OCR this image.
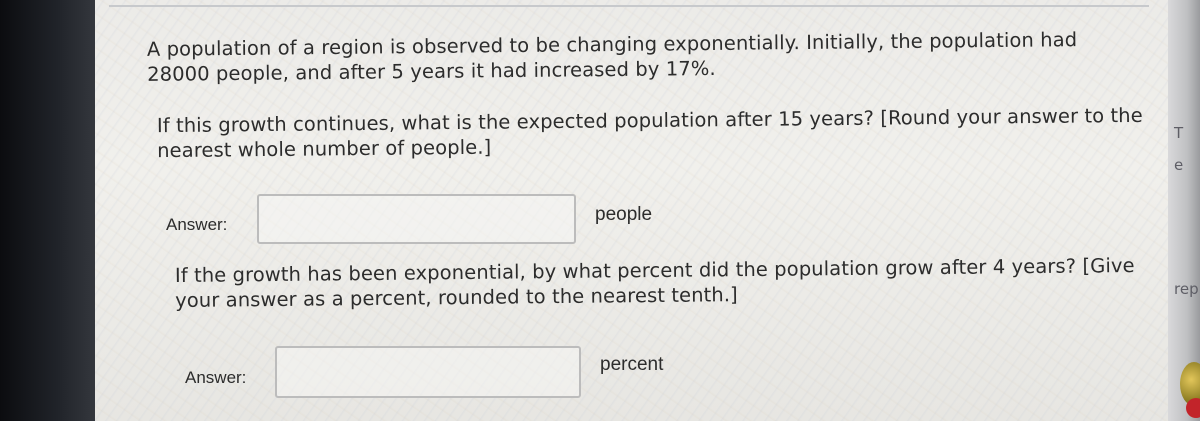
A population of a region is observed to be changing exponentially. Initially, the population had
28000 people, and after 5 years it had increased by 17%.
If this growth continues, what is the expected population after 15 years? [Round your answer to the
nearest whole number of people.]
Answer:	people
If the growth has been exponential, by what percent did the population grow after 4 years? [Give
your answer as a percent, rounded to the nearest tenth.]
Answer:
percent
T
e
rep
